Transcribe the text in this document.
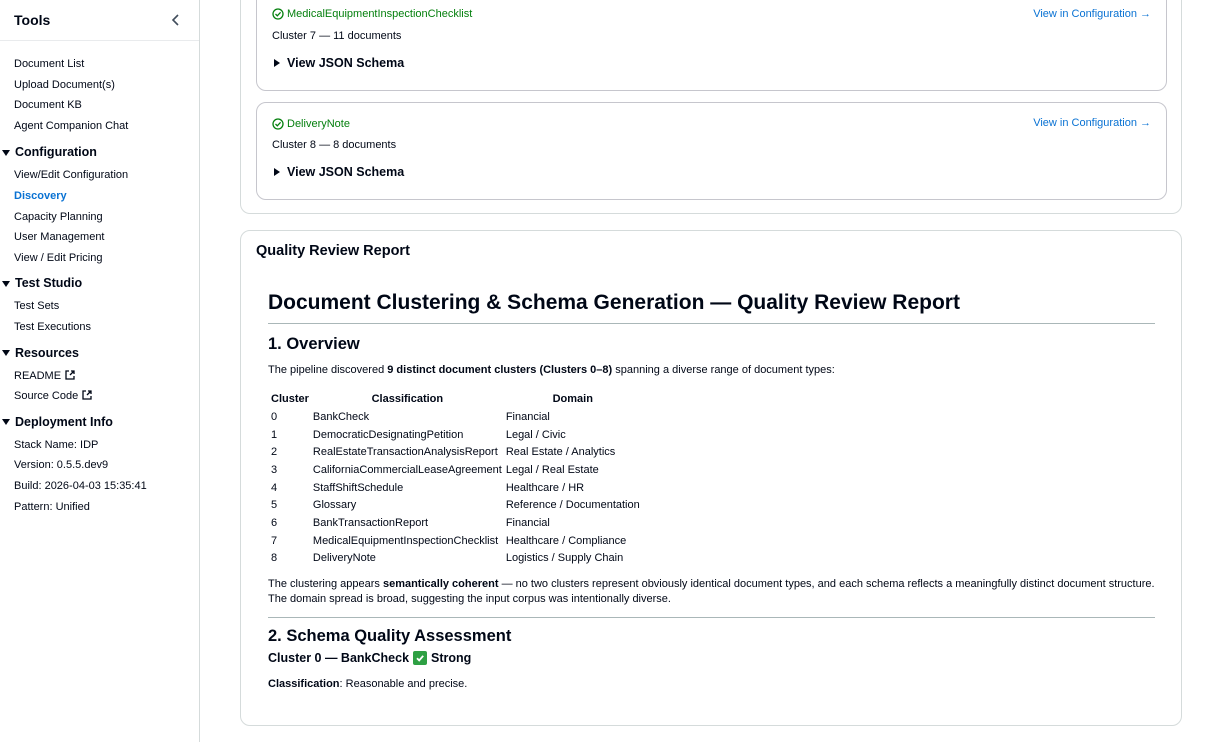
Tools
Document List
Upload Document(s)
Document KB
Agent Companion Chat
Configuration
View/Edit Configuration
Discovery
Capacity Planning
User Management
View / Edit Pricing
Test Studio
Test Sets
Test Executions
Resources
README
Source Code
Deployment Info
Stack Name: IDP
Version: 0.5.5.dev9
Build: 2026-04-03 15:35:41
Pattern: Unified
MedicalEquipmentInspectionChecklist
Cluster 7 — 11 documents
View JSON Schema
View in Configuration →
DeliveryNote
Cluster 8 — 8 documents
View JSON Schema
View in Configuration →
Quality Review Report
Document Clustering & Schema Generation — Quality Review Report
1. Overview
The pipeline discovered 9 distinct document clusters (Clusters 0–8) spanning a diverse range of document types:
Cluster	Classification	Domain
0	BankCheck	Financial
1	DemocraticDesignatingPetition	Legal / Civic
2	RealEstateTransactionAnalysisReport	Real Estate / Analytics
3	CaliforniaCommercialLeaseAgreement	Legal / Real Estate
4	StaffShiftSchedule	Healthcare / HR
5	Glossary	Reference / Documentation
6	BankTransactionReport	Financial
7	MedicalEquipmentInspectionChecklist	Healthcare / Compliance
8	DeliveryNote	Logistics / Supply Chain
The clustering appears semantically coherent — no two clusters represent obviously identical document types, and each schema reflects a meaningfully distinct document structure. The domain spread is broad, suggesting the input corpus was intentionally diverse.
2. Schema Quality Assessment
Cluster 0 — BankCheck Strong
Classification: Reasonable and precise.
